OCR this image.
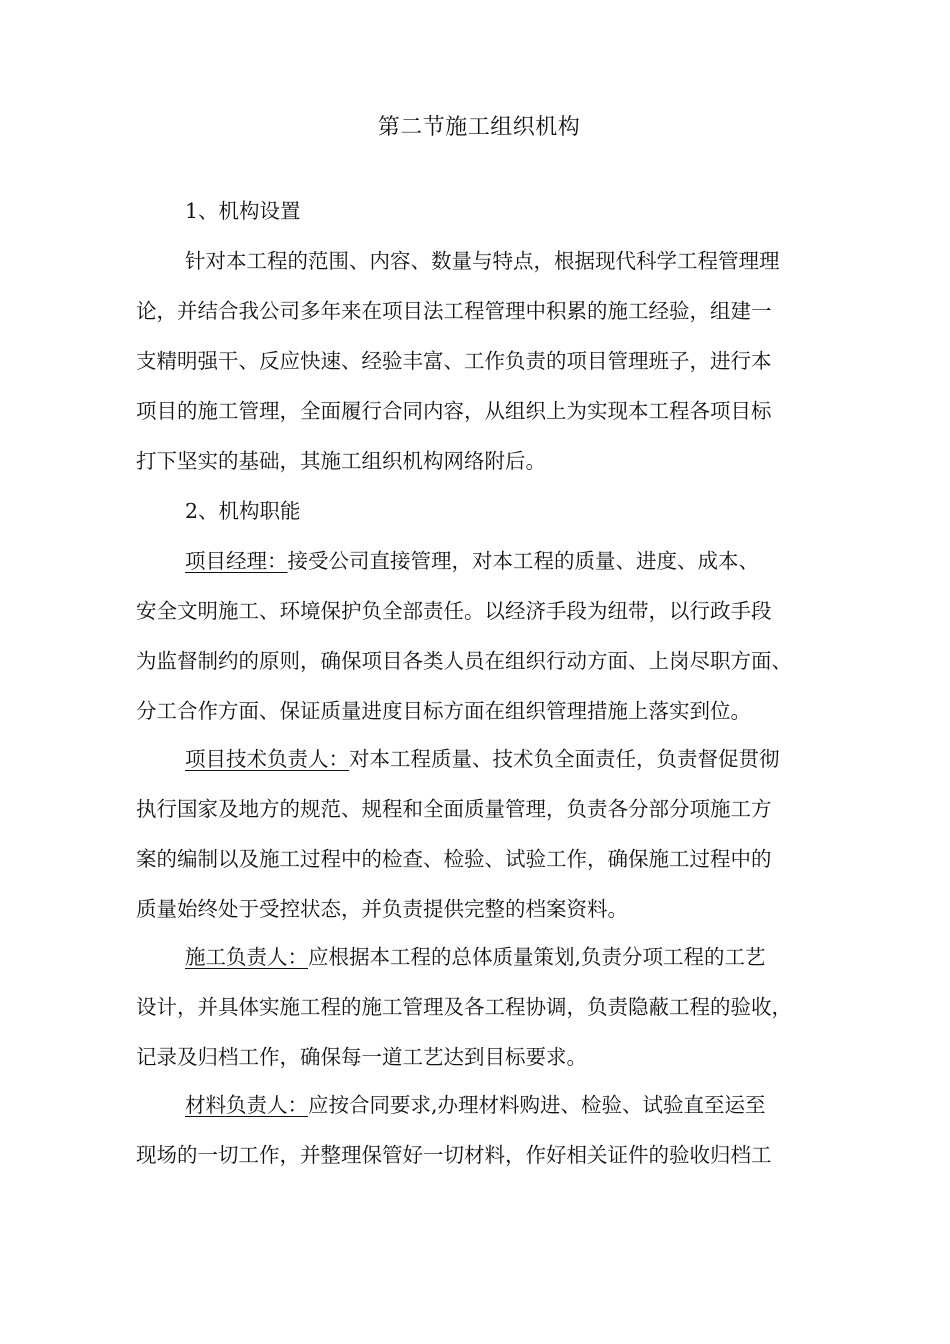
第二节施工组织机构
1、机构设置
针对本工程的范围、内容、数量与特点，根据现代科学工程管理理
论，并结合我公司多年来在项目法工程管理中积累的施工经验，组建一
支精明强干、反应快速、经验丰富、工作负责的项目管理班子，进行本
项目的施工管理，全面履行合同内容，从组织上为实现本工程各项目标
打下坚实的基础，其施工组织机构网络附后。
2、机构职能
项目经理：接受公司直接管理，对本工程的质量、进度、成本、
安全文明施工、环境保护负全部责任。以经济手段为纽带，以行政手段
为监督制约的原则，确保项目各类人员在组织行动方面、上岗尽职方面、
分工合作方面、保证质量进度目标方面在组织管理措施上落实到位。
项目技术负责人：对本工程质量、技术负全面责任，负责督促贯彻
执行国家及地方的规范、规程和全面质量管理，负责各分部分项施工方
案的编制以及施工过程中的检查、检验、试验工作，确保施工过程中的
质量始终处于受控状态，并负责提供完整的档案资料。
施工负责人：应根据本工程的总体质量策划,负责分项工程的工艺
设计，并具体实施工程的施工管理及各工程协调，负责隐蔽工程的验收，
记录及归档工作，确保每一道工艺达到目标要求。
材料负责人：应按合同要求,办理材料购进、检验、试验直至运至
现场的一切工作，并整理保管好一切材料，作好相关证件的验收归档工
